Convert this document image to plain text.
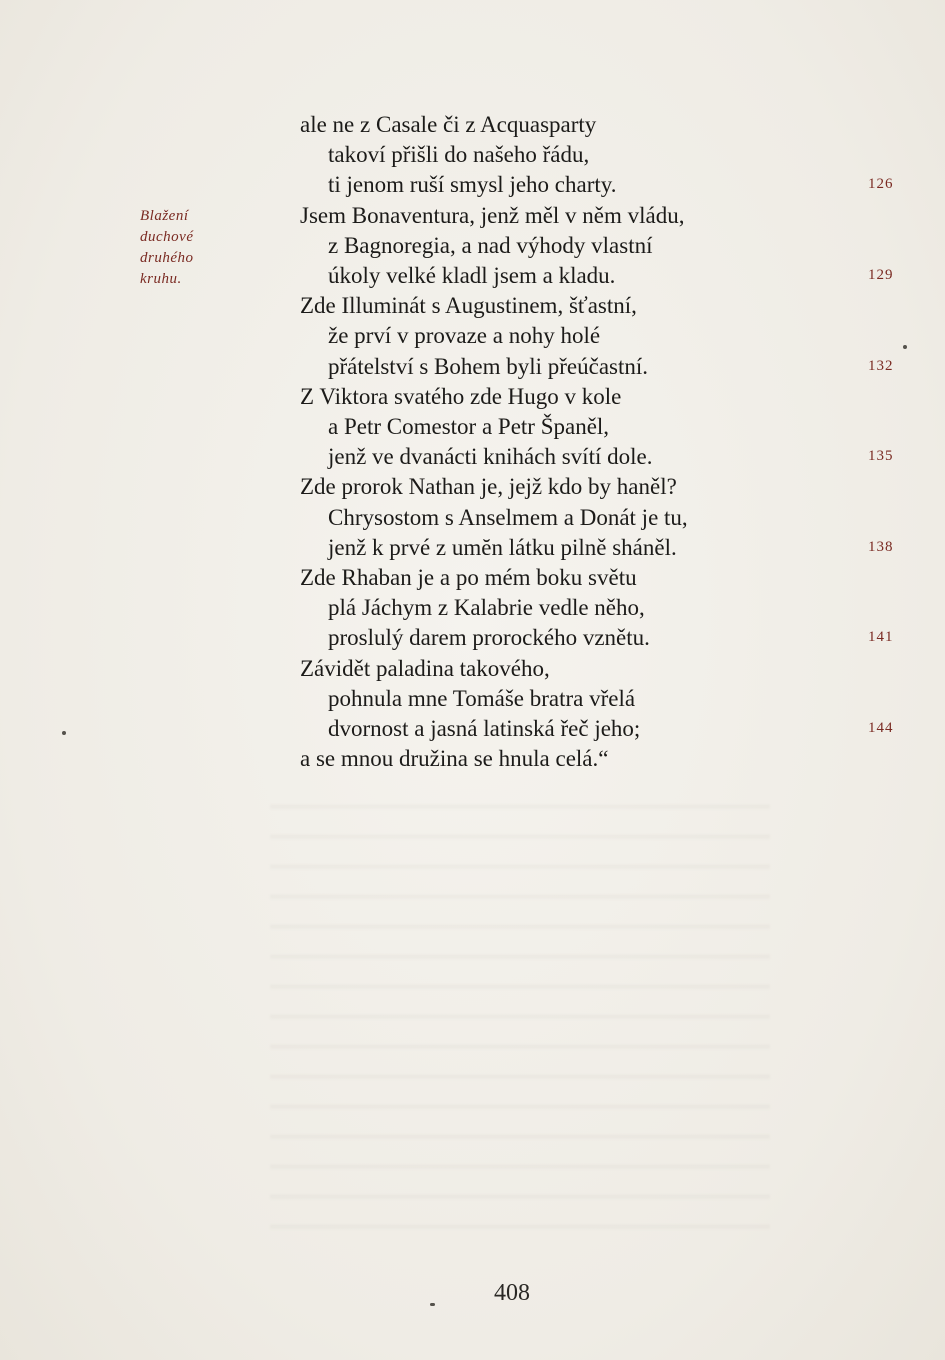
Blažení
duchové
druhého
kruhu.
ale ne z Casale či z Acquasparty
takoví přišli do našeho řádu,
ti jenom ruší smysl jeho charty.
Jsem Bonaventura, jenž měl v něm vládu,
z Bagnoregia, a nad výhody vlastní
úkoly velké kladl jsem a kladu.
Zde Illuminát s Augustinem, šťastní,
že prví v provaze a nohy holé
přátelství s Bohem byli přeúčastní.
Z Viktora svatého zde Hugo v kole
a Petr Comestor a Petr Španěl,
jenž ve dvanácti knihách svítí dole.
Zde prorok Nathan je, jejž kdo by haněl?
Chrysostom s Anselmem a Donát je tu,
jenž k prvé z umĕn látku pilně sháněl.
Zde Rhaban je a po mém boku světu
plá Jáchym z Kalabrie vedle něho,
proslulý darem prorockého vznětu.
Závidět paladina takového,
pohnula mne Tomáše bratra vřelá
dvornost a jasná latinská řeč jeho;
a se mnou družina se hnula celá.“
126
129
132
135
138
141
144
408
